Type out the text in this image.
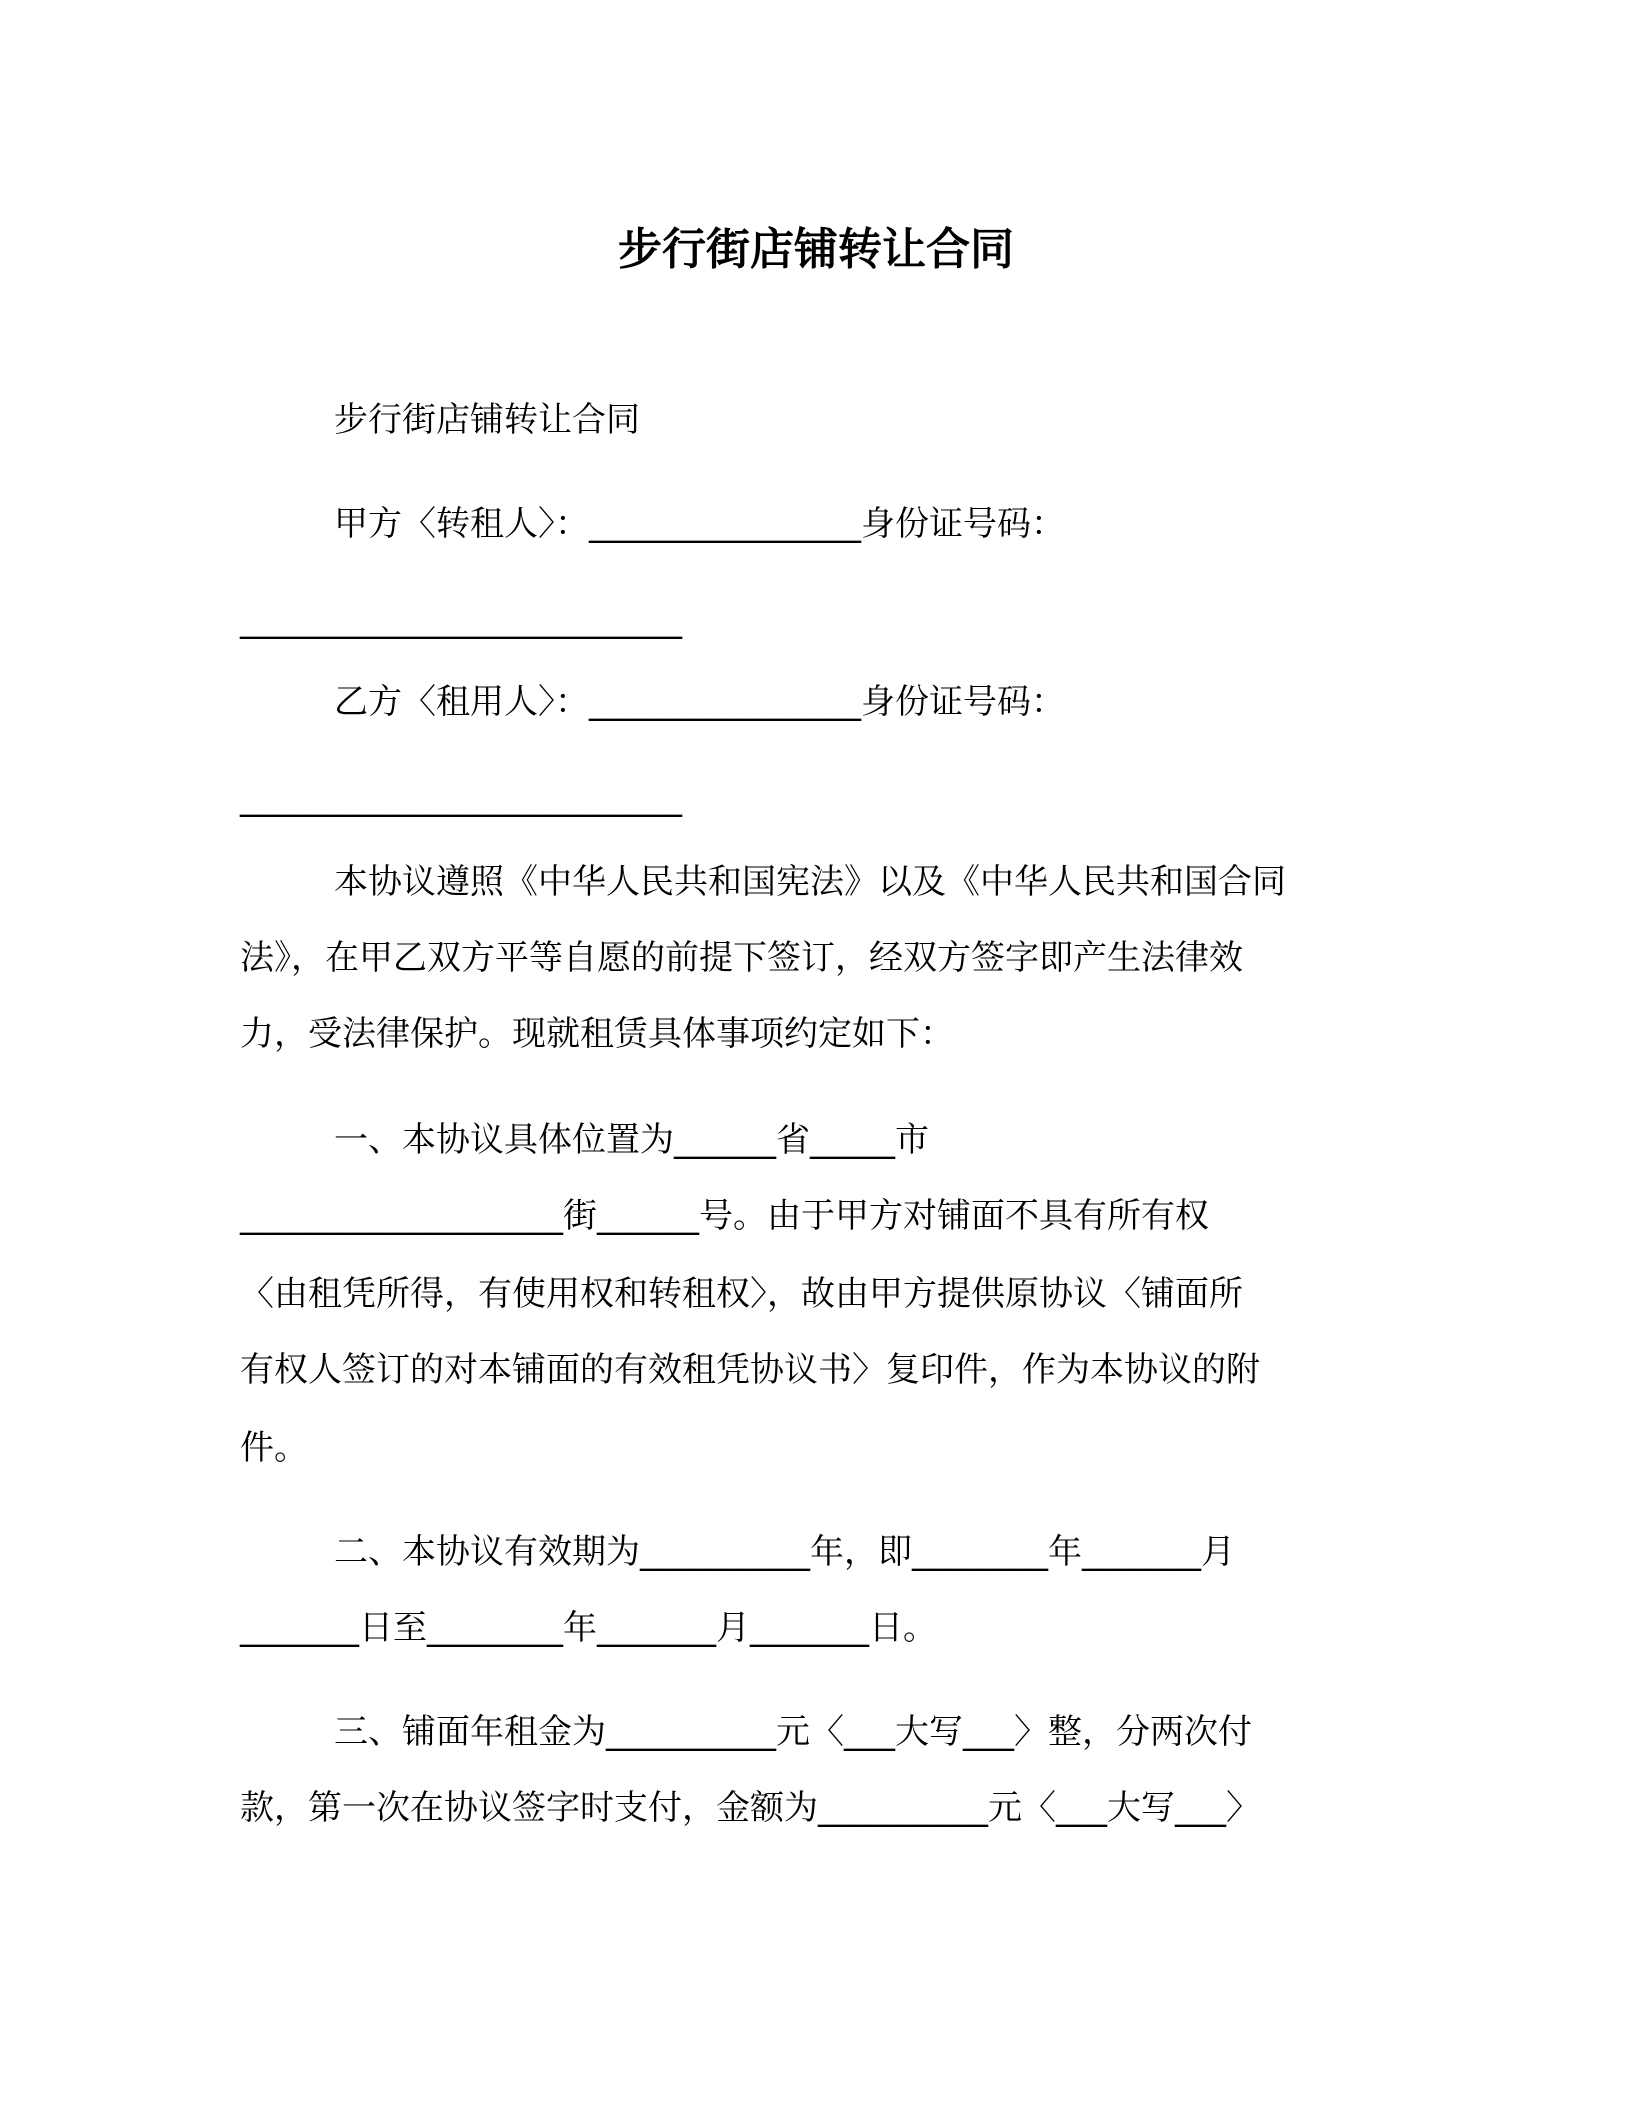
步行街店铺转让合同
步行街店铺转让合同
甲方〈转租人〉：________________身份证号码：
__________________________
乙方〈租用人〉：________________身份证号码：
__________________________
本协议遵照《中华人民共和国宪法》以及《中华人民共和国合同
法》，在甲乙双方平等自愿的前提下签订，经双方签字即产生法律效
力，受法律保护。现就租赁具体事项约定如下：
一、本协议具体位置为______省_____市
___________________街______号。由于甲方对铺面不具有所有权
〈由租凭所得，有使用权和转租权〉，故由甲方提供原协议〈铺面所
有权人签订的对本铺面的有效租凭协议书〉复印件，作为本协议的附
件。
二、本协议有效期为__________年，即________年_______月
_______日至________年_______月_______日。
三、铺面年租金为__________元〈___大写___〉整，分两次付
款，第一次在协议签字时支付，金额为__________元〈___大写___〉
